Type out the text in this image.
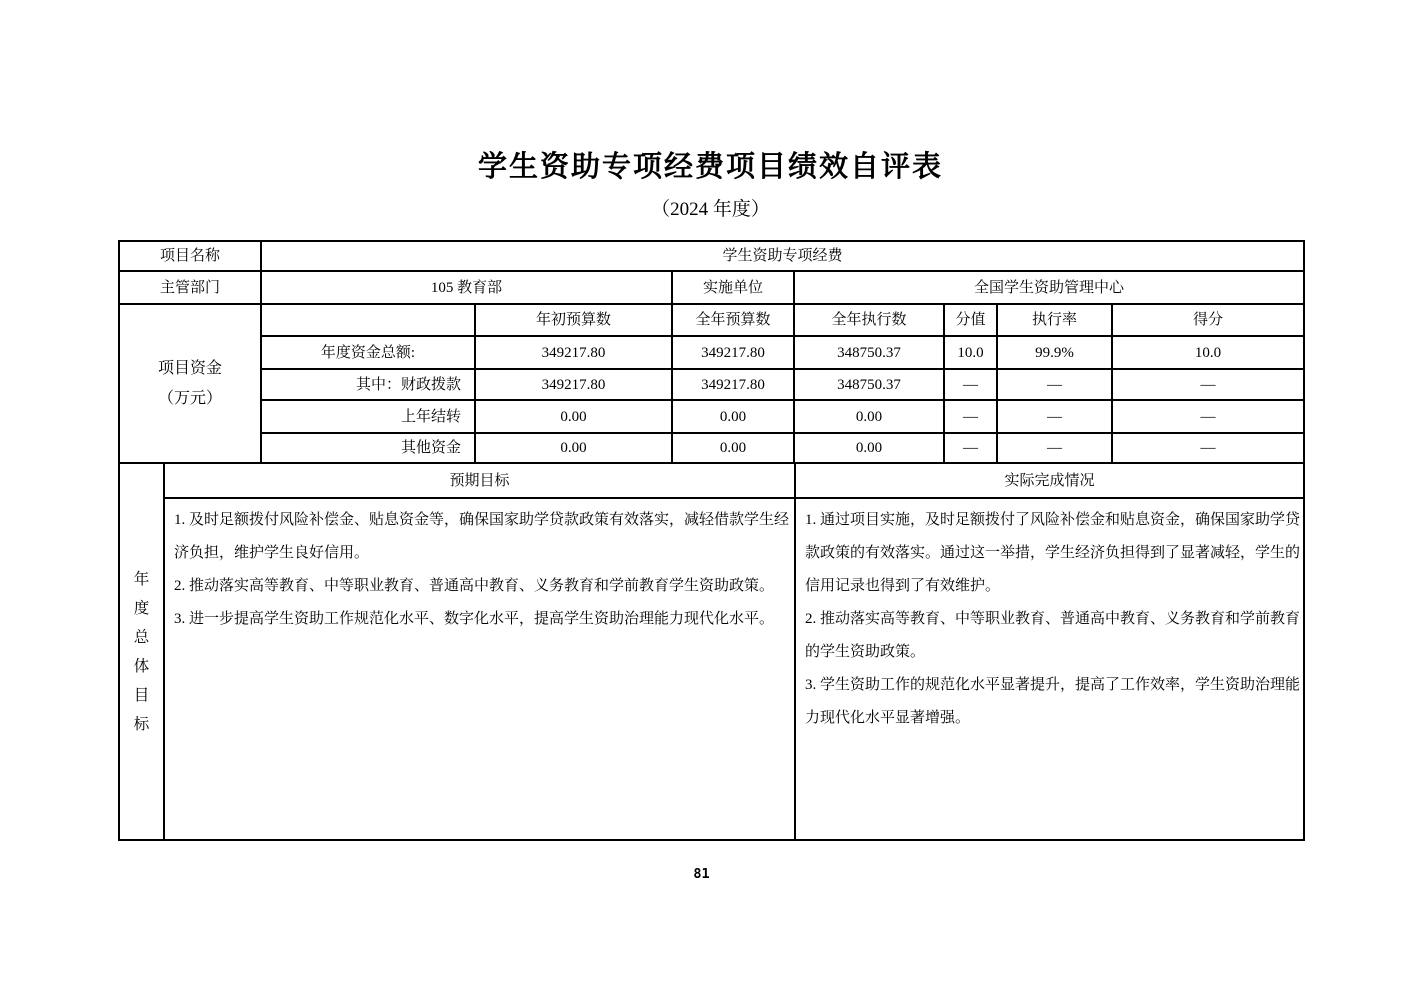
学生资助专项经费项目绩效自评表
（2024 年度）
项目名称	学生资助专项经费						
主管部门	105 教育部		实施单位	全国学生资助管理中心			

项目资金
（万元）		年初预算数	全年预算数	全年执行数	分值	执行率	得分
	年度资金总额:	349217.80	349217.80	348750.37	10.0	99.9%	10.0
	其中：财政拨款	349217.80	349217.80	348750.37	—	—	—
	上年结转	0.00	0.00	0.00	—	—	—
	其他资金	0.00	0.00	0.00	—	—	—
年度总体目标	预期目标	实际完成情况

1. 及时足额拨付风险补偿金、贴息资金等，确保国家助学贷款政策有效落实，减轻借款学生经济负担，维护学生良好信用。
2. 推动落实高等教育、中等职业教育、普通高中教育、义务教育和学前教育学生资助政策。
3. 进一步提高学生资助工作规范化水平、数字化水平，提高学生资助治理能力现代化水平。

1. 通过项目实施，及时足额拨付了风险补偿金和贴息资金，确保国家助学贷款政策的有效落实。通过这一举措，学生经济负担得到了显著减轻，学生的信用记录也得到了有效维护。
2. 推动落实高等教育、中等职业教育、普通高中教育、义务教育和学前教育的学生资助政策。
3. 学生资助工作的规范化水平显著提升，提高了工作效率，学生资助治理能力现代化水平显著增强。
81
